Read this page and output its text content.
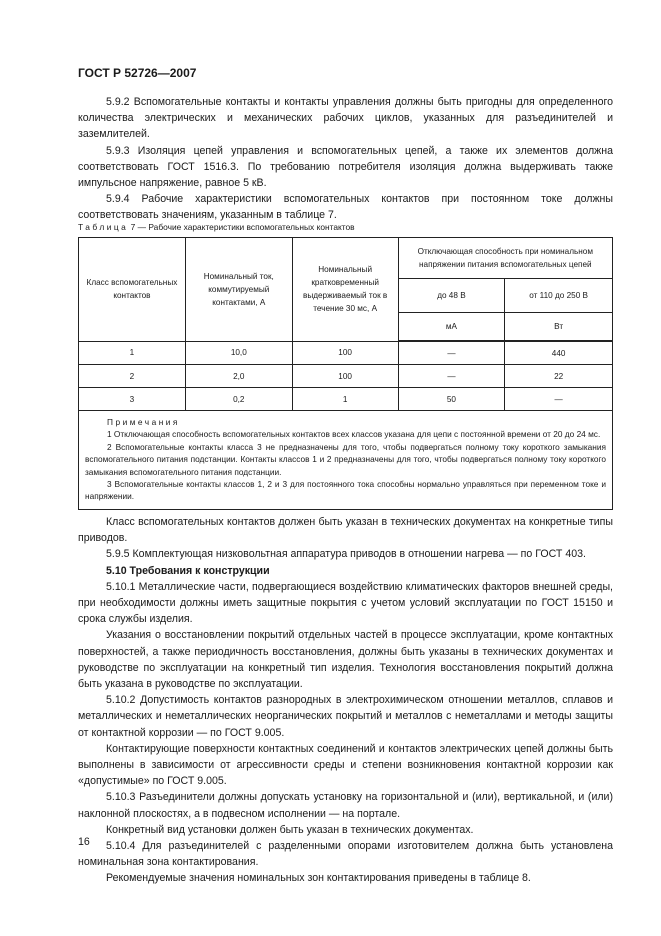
ГОСТ Р 52726—2007

5.9.2 Вспомогательные контакты и контакты управления должны быть пригодны для определенного количества электрических и механических рабочих циклов, указанных для разъединителей и заземлителей.

5.9.3 Изоляция цепей управления и вспомогательных цепей, а также их элементов должна соответствовать ГОСТ 1516.3. По требованию потребителя изоляция должна выдерживать также импульсное напряжение, равное 5 кВ.

5.9.4 Рабочие характеристики вспомогательных контактов при постоянном токе должны соответствовать значениям, указанным в таблице 7.

Таблица 7 — Рабочие характеристики вспомогательных контактов
Класс вспомогательных контактов	Номинальный ток, коммутируемый контактами, А	Номинальный кратковременный выдерживаемый ток в течение 30 мс, А	Отключающая способность при номинальном напряжении питания вспомогательных цепей	
			до 48 В	от 110 до 250 В
			мА	Вт
1	10,0	100	—	440
2	2,0	100	—	22
3	0,2	1	50	—

Примечания
1 Отключающая способность вспомогательных контактов всех классов указана для цепи с постоянной времени от 20 до 24 мс.
2 Вспомогательные контакты класса 3 не предназначены для того, чтобы подвергаться полному току короткого замыкания вспомогательного питания подстанции. Контакты классов 1 и 2 предназначены для того, чтобы подвергаться полному току короткого замыкания вспомогательного питания подстанции.
3 Вспомогательные контакты классов 1, 2 и 3 для постоянного тока способны нормально управляться при переменном токе и напряжении.				

Класс вспомогательных контактов должен быть указан в технических документах на конкретные типы приводов.

5.9.5 Комплектующая низковольтная аппаратура приводов в отношении нагрева — по ГОСТ 403.

5.10 Требования к конструкции

5.10.1 Металлические части, подвергающиеся воздействию климатических факторов внешней среды, при необходимости должны иметь защитные покрытия с учетом условий эксплуатации по ГОСТ 15150 и срока службы изделия.

Указания о восстановлении покрытий отдельных частей в процессе эксплуатации, кроме контактных поверхностей, а также периодичность восстановления, должны быть указаны в технических документах и руководстве по эксплуатации на конкретный тип изделия. Технология восстановления покрытий должна быть указана в руководстве по эксплуатации.

5.10.2 Допустимость контактов разнородных в электрохимическом отношении металлов, сплавов и металлических и неметаллических неорганических покрытий и металлов с неметаллами и методы защиты от контактной коррозии — по ГОСТ 9.005.

Контактирующие поверхности контактных соединений и контактов электрических цепей должны быть выполнены в зависимости от агрессивности среды и степени возникновения контактной коррозии как «допустимые» по ГОСТ 9.005.

5.10.3 Разъединители должны допускать установку на горизонтальной и (или), вертикальной, и (или) наклонной плоскостях, а в подвесном исполнении — на портале.

Конкретный вид установки должен быть указан в технических документах.

5.10.4 Для разъединителей с разделенными опорами изготовителем должна быть установлена номинальная зона контактирования.

Рекомендуемые значения номинальных зон контактирования приведены в таблице 8.

16
